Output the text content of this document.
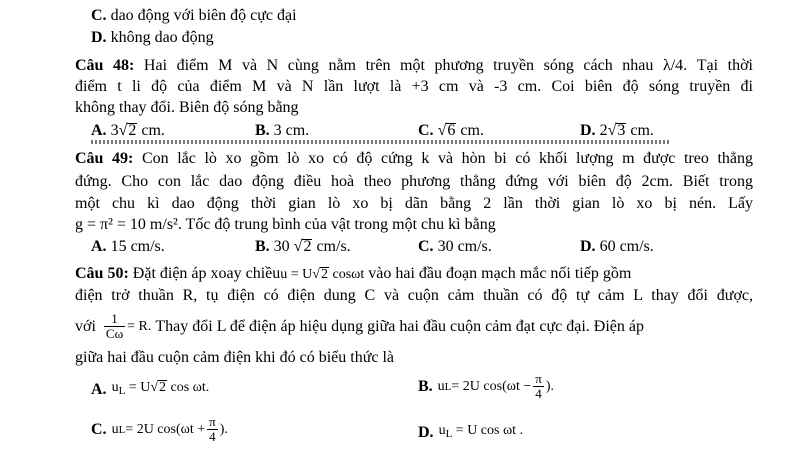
C. dao động với biên độ cực đại
D. không dao động
Câu 48: Hai điểm M và N cùng nằm trên một phương truyền sóng cách nhau λ/4. Tại thời
điểm t li độ của điểm M và N lần lượt là +3 cm và -3 cm. Coi biên độ sóng truyền đi
không thay đổi. Biên độ sóng bằng
A. 3√2 cm.	B. 3 cm.	C. √6 cm.	D. 2√3 cm.
Câu 49: Con lắc lò xo gồm lò xo có độ cứng k và hòn bi có khối lượng m được treo thẳng
đứng. Cho con lắc dao động điều hoà theo phương thẳng đứng với biên độ 2cm. Biết trong
một chu kì dao động thời gian lò xo bị dãn bằng 2 lần thời gian lò xo bị nén. Lấy
g = π² = 10 m/s². Tốc độ trung bình của vật trong một chu kì bằng
A. 15 cm/s.	B. 30 √2 cm/s.	C. 30 cm/s.	D. 60 cm/s.
Câu 50: Đặt điện áp xoay chiềuu = U√2 cosωt vào hai đầu đoạn mạch mắc nối tiếp gồm
điện trở thuần R, tụ điện có điện dung C và cuộn cảm thuần có độ tự cảm L thay đổi được,
với $\frac{1}{C\omega} = R$. Thay đổi L để điện áp hiệu dụng giữa hai đầu cuộn cảm đạt cực đại. Điện áp
giữa hai đầu cuộn cảm điện khi đó có biểu thức là
A. $u_L = U√2$ cos ωt.	B. u L = 2U $\cos(\omega t - \frac{\pi}{4}$ ).
C. u L = 2U $\cos(\omega t + \frac{\pi}{4}$ ).	D. $u_L = U$ cos ωt .
